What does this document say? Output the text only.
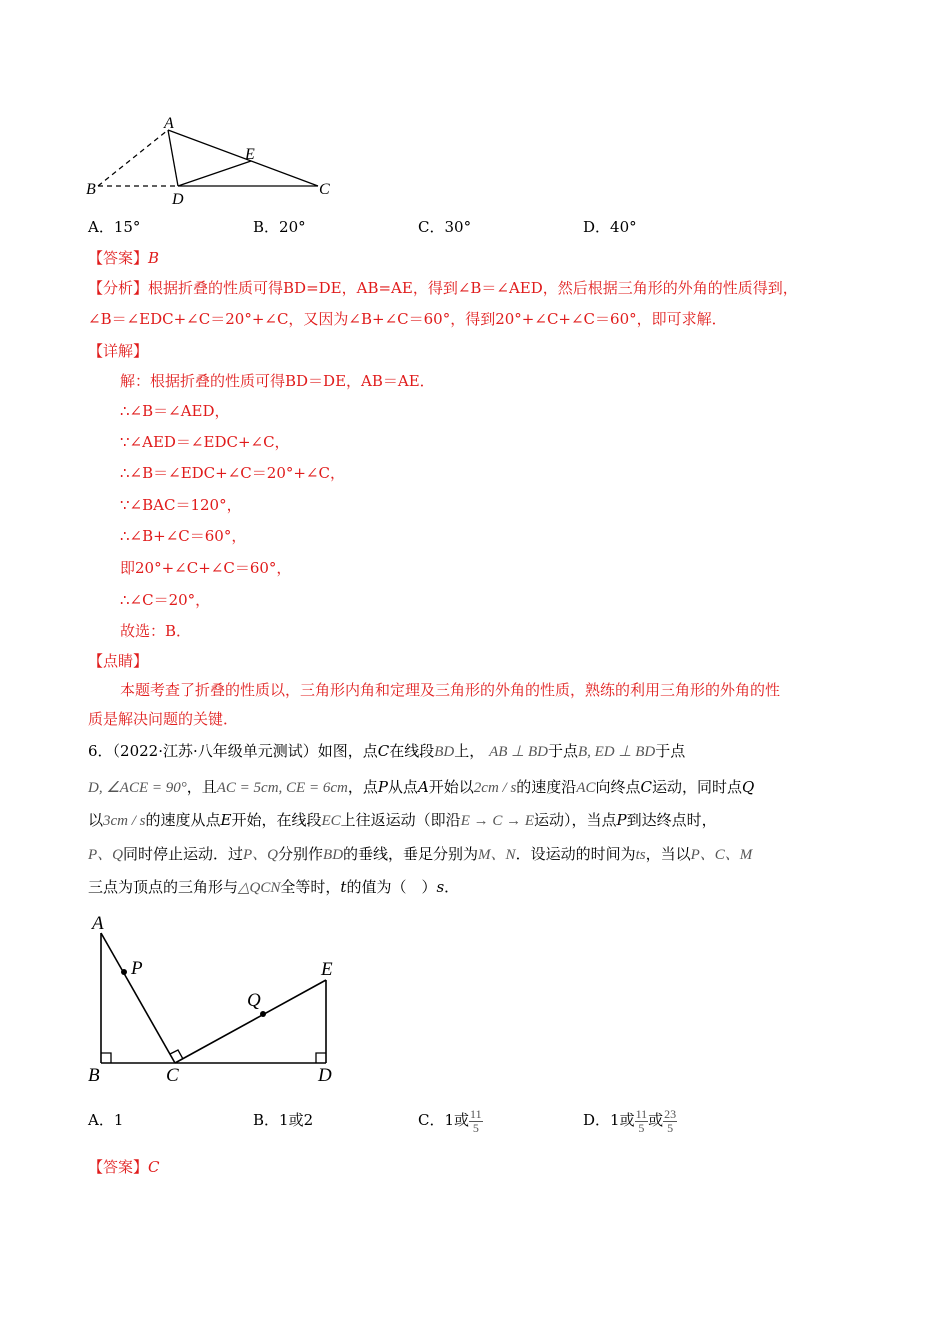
A
E
B
D
C
A．15°	B．20°	C．30°	D．40°
【答案】B
【分析】根据折叠的性质可得BD=DE，AB=AE，得到∠B＝∠AED，然后根据三角形的外角的性质得到，
∠B＝∠EDC+∠C＝20°+∠C，又因为∠B+∠C＝60°，得到20°+∠C+∠C＝60°，即可求解．
【详解】
解：根据折叠的性质可得BD＝DE，AB＝AE．
∴∠B＝∠AED，
∵∠AED＝∠EDC+∠C，
∴∠B＝∠EDC+∠C＝20°+∠C，
∵∠BAC＝120°，
∴∠B+∠C＝60°，
即20°+∠C+∠C＝60°，
∴∠C＝20°，
故选：B．
【点睛】
本题考查了折叠的性质以，三角形内角和定理及三角形的外角的性质，熟练的利用三角形的外角的性
质是解决问题的关键．
6．（2022·江苏·八年级单元测试）如图，点C在线段BD上， AB ⊥ BD于点B, ED ⊥ BD于点
D, ∠ACE = 90°，且AC = 5cm, CE = 6cm，点P从点A开始以2cm / s的速度沿AC向终点C运动，同时点Q
以3cm / s的速度从点E开始，在线段EC上往返运动（即沿E → C → E运动），当点P到达终点时，
P、Q同时停止运动．过P、Q分别作BD的垂线，垂足分别为M、N．设运动的时间为ts，当以P、C、M
三点为顶点的三角形与△QCN全等时，t的值为（　）s．
A
P
Q
E
B	C	D
A．1	B．1或2	C．1或 $\frac{11}{5}$	D．1或 $\frac{11}{5}$ 或 $\frac{23}{5}$
【答案】C
